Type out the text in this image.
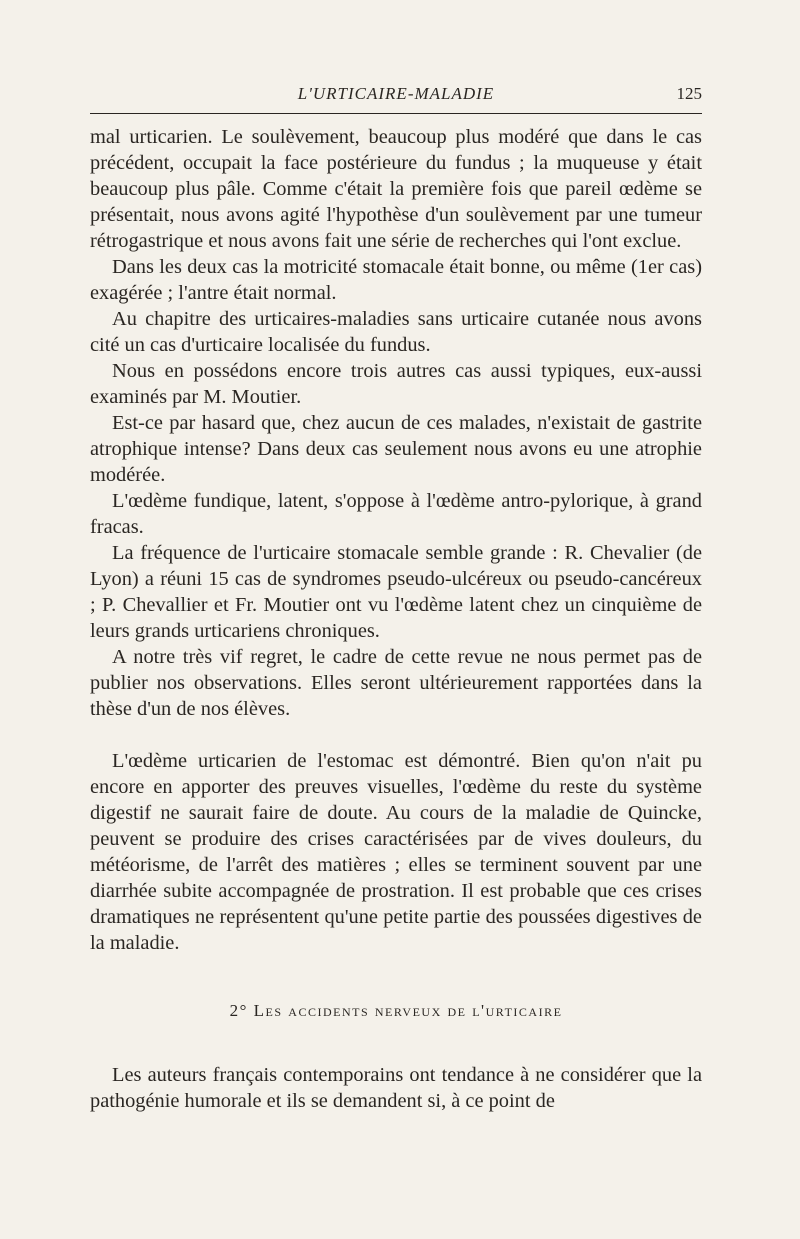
L'URTICAIRE-MALADIE	125

mal urticarien. Le soulèvement, beaucoup plus modéré que dans le cas précédent, occupait la face postérieure du fundus ; la muqueuse y était beaucoup plus pâle. Comme c'était la première fois que pareil œdème se présentait, nous avons agité l'hypothèse d'un soulèvement par une tumeur rétrogastrique et nous avons fait une série de recherches qui l'ont exclue.

Dans les deux cas la motricité stomacale était bonne, ou même (1er cas) exagérée ; l'antre était normal.

Au chapitre des urticaires-maladies sans urticaire cutanée nous avons cité un cas d'urticaire localisée du fundus.

Nous en possédons encore trois autres cas aussi typiques, eux-aussi examinés par M. Moutier.

Est-ce par hasard que, chez aucun de ces malades, n'existait de gastrite atrophique intense? Dans deux cas seulement nous avons eu une atrophie modérée.

L'œdème fundique, latent, s'oppose à l'œdème antro-pylorique, à grand fracas.

La fréquence de l'urticaire stomacale semble grande : R. Chevalier (de Lyon) a réuni 15 cas de syndromes pseudo-ulcéreux ou pseudo-cancéreux ; P. Chevallier et Fr. Moutier ont vu l'œdème latent chez un cinquième de leurs grands urticariens chroniques.

A notre très vif regret, le cadre de cette revue ne nous permet pas de publier nos observations. Elles seront ultérieurement rapportées dans la thèse d'un de nos élèves.

L'œdème urticarien de l'estomac est démontré. Bien qu'on n'ait pu encore en apporter des preuves visuelles, l'œdème du reste du système digestif ne saurait faire de doute. Au cours de la maladie de Quincke, peuvent se produire des crises caractérisées par de vives douleurs, du météorisme, de l'arrêt des matières ; elles se terminent souvent par une diarrhée subite accompagnée de prostration. Il est probable que ces crises dramatiques ne représentent qu'une petite partie des poussées digestives de la maladie.

2° Les accidents nerveux de l'urticaire

Les auteurs français contemporains ont tendance à ne considérer que la pathogénie humorale et ils se demandent si, à ce point de
